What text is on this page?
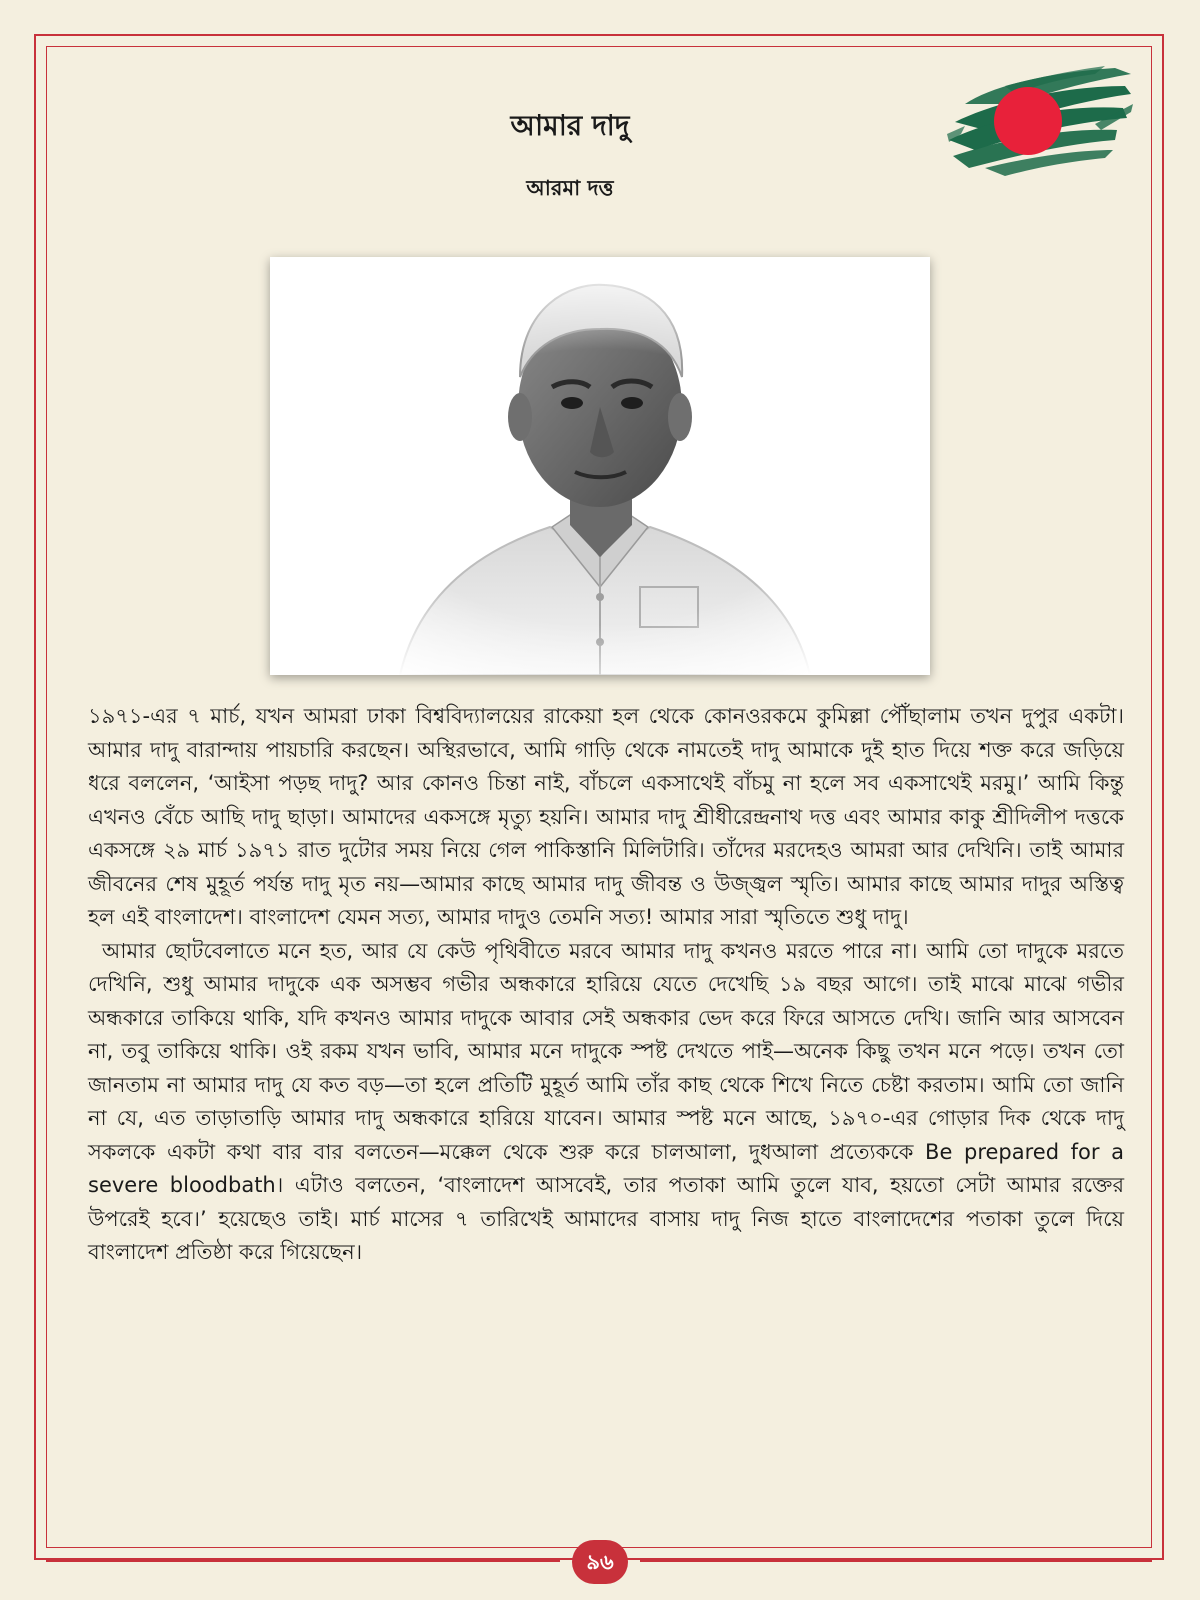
আমার দাদু
আরমা দত্ত

১৯৭১-এর ৭ মার্চ, যখন আমরা ঢাকা বিশ্ববিদ্যালয়ের রাকেয়া হল থেকে কোনওরকমে কুমিল্লা পৌঁছালাম তখন দুপুর একটা। আমার দাদু বারান্দায় পায়চারি করছেন। অস্থিরভাবে, আমি গাড়ি থেকে নামতেই দাদু আমাকে দুই হাত দিয়ে শক্ত করে জড়িয়ে ধরে বললেন, ‘আইসা পড়ছ দাদু? আর কোনও চিন্তা নাই, বাঁচলে একসাথেই বাঁচমু না হলে সব একসাথেই মরমু।’ আমি কিন্তু এখনও বেঁচে আছি দাদু ছাড়া। আমাদের একসঙ্গে মৃত্যু হয়নি। আমার দাদু শ্রীধীরেন্দ্রনাথ দত্ত এবং আমার কাকু শ্রীদিলীপ দত্তকে একসঙ্গে ২৯ মার্চ ১৯৭১ রাত দুটোর সময় নিয়ে গেল পাকিস্তানি মিলিটারি। তাঁদের মরদেহও আমরা আর দেখিনি। তাই আমার জীবনের শেষ মুহূর্ত পর্যন্ত দাদু মৃত নয়—আমার কাছে আমার দাদু জীবন্ত ও উজ্জ্বল স্মৃতি। আমার কাছে আমার দাদুর অস্তিত্ব হল এই বাংলাদেশ। বাংলাদেশ যেমন সত্য, আমার দাদুও তেমনি সত্য! আমার সারা স্মৃতিতে শুধু দাদু।

আমার ছোটবেলাতে মনে হত, আর যে কেউ পৃথিবীতে মরবে আমার দাদু কখনও মরতে পারে না। আমি তো দাদুকে মরতে দেখিনি, শুধু আমার দাদুকে এক অসম্ভব গভীর অন্ধকারে হারিয়ে যেতে দেখেছি ১৯ বছর আগে। তাই মাঝে মাঝে গভীর অন্ধকারে তাকিয়ে থাকি, যদি কখনও আমার দাদুকে আবার সেই অন্ধকার ভেদ করে ফিরে আসতে দেখি। জানি আর আসবেন না, তবু তাকিয়ে থাকি। ওই রকম যখন ভাবি, আমার মনে দাদুকে স্পষ্ট দেখতে পাই—অনেক কিছু তখন মনে পড়ে। তখন তো জানতাম না আমার দাদু যে কত বড়—তা হলে প্রতিটি মুহূর্ত আমি তাঁর কাছ থেকে শিখে নিতে চেষ্টা করতাম। আমি তো জানি না যে, এত তাড়াতাড়ি আমার দাদু অন্ধকারে হারিয়ে যাবেন। আমার স্পষ্ট মনে আছে, ১৯৭০-এর গোড়ার দিক থেকে দাদু সকলকে একটা কথা বার বার বলতেন—মক্কেল থেকে শুরু করে চালআলা, দুধআলা প্রত্যেককে Be prepared for a severe bloodbath। এটাও বলতেন, ‘বাংলাদেশ আসবেই, তার পতাকা আমি তুলে যাব, হয়তো সেটা আমার রক্তের উপরেই হবে।’ হয়েছেও তাই। মার্চ মাসের ৭ তারিখেই আমাদের বাসায় দাদু নিজ হাতে বাংলাদেশের পতাকা তুলে দিয়ে বাংলাদেশ প্রতিষ্ঠা করে গিয়েছেন।

৯৬
